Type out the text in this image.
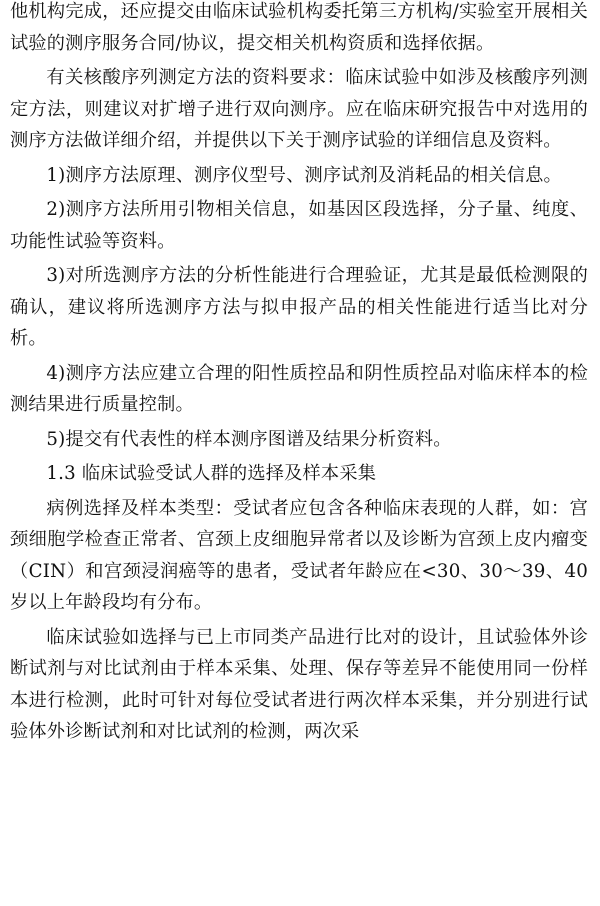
他机构完成，还应提交由临床试验机构委托第三方机构/实验室开展相关试验的测序服务合同/协议，提交相关机构资质和选择依据。

有关核酸序列测定方法的资料要求：临床试验中如涉及核酸序列测定方法，则建议对扩增子进行双向测序。应在临床研究报告中对选用的测序方法做详细介绍，并提供以下关于测序试验的详细信息及资料。

1)测序方法原理、测序仪型号、测序试剂及消耗品的相关信息。

2)测序方法所用引物相关信息，如基因区段选择，分子量、纯度、功能性试验等资料。

3)对所选测序方法的分析性能进行合理验证，尤其是最低检测限的确认，建议将所选测序方法与拟申报产品的相关性能进行适当比对分析。

4)测序方法应建立合理的阳性质控品和阴性质控品对临床样本的检测结果进行质量控制。

5)提交有代表性的样本测序图谱及结果分析资料。

1.3 临床试验受试人群的选择及样本采集

病例选择及样本类型：受试者应包含各种临床表现的人群，如：宫颈细胞学检查正常者、宫颈上皮细胞异常者以及诊断为宫颈上皮内瘤变（CIN）和宫颈浸润癌等的患者，受试者年龄应在<30、30～39、40岁以上年龄段均有分布。

临床试验如选择与已上市同类产品进行比对的设计，且试验体外诊断试剂与对比试剂由于样本采集、处理、保存等差异不能使用同一份样本进行检测，此时可针对每位受试者进行两次样本采集，并分别进行试验体外诊断试剂和对比试剂的检测，两次采
